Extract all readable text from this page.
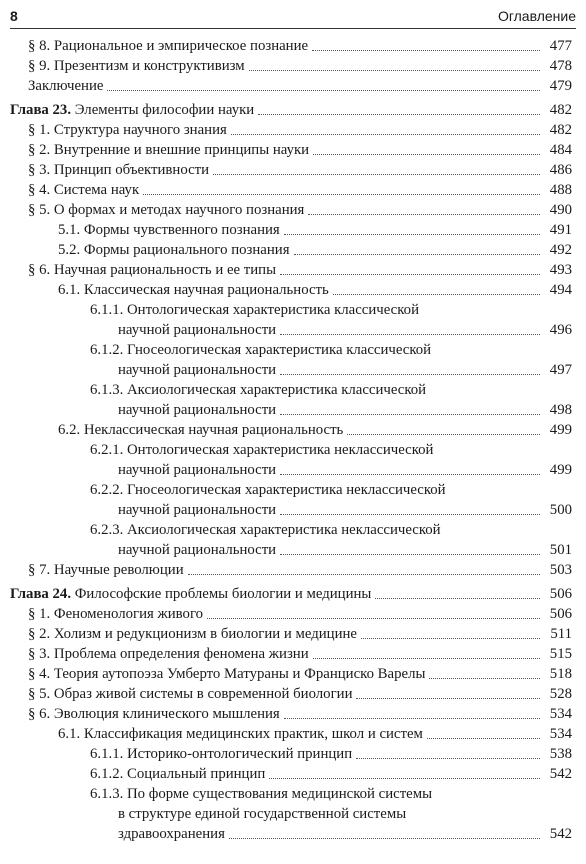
8	Оглавление
§ 8. Рациональное и эмпирическое познание	477
§ 9. Презентизм и конструктивизм	478
Заключение	479
Глава 23. Элементы философии науки	482
§ 1. Структура научного знания	482
§ 2. Внутренние и внешние принципы науки	484
§ 3. Принцип объективности	486
§ 4. Система наук	488
§ 5. О формах и методах научного познания	490
5.1. Формы чувственного познания	491
5.2. Формы рационального познания	492
§ 6. Научная рациональность и ее типы	493
6.1. Классическая научная рациональность	494
6.1.1. Онтологическая характеристика классической
научной рациональности	496
6.1.2. Гносеологическая характеристика классической
научной рациональности	497
6.1.3. Аксиологическая характеристика классической
научной рациональности	498
6.2. Неклассическая научная рациональность	499
6.2.1. Онтологическая характеристика неклассической
научной рациональности	499
6.2.2. Гносеологическая характеристика неклассической
научной рациональности	500
6.2.3. Аксиологическая характеристика неклассической
научной рациональности	501
§ 7. Научные революции	503
Глава 24. Философские проблемы биологии и медицины	506
§ 1. Феноменология живого	506
§ 2. Холизм и редукционизм в биологии и медицине	511
§ 3. Проблема определения феномена жизни	515
§ 4. Теория аутопоэза Умберто Матураны и Франциско Варелы	518
§ 5. Образ живой системы в современной биологии	528
§ 6. Эволюция клинического мышления	534
6.1. Классификация медицинских практик, школ и систем	534
6.1.1. Историко-онтологический принцип	538
6.1.2. Социальный принцип	542
6.1.3. По форме существования медицинской системы
в структуре единой государственной системы
здравоохранения	542
